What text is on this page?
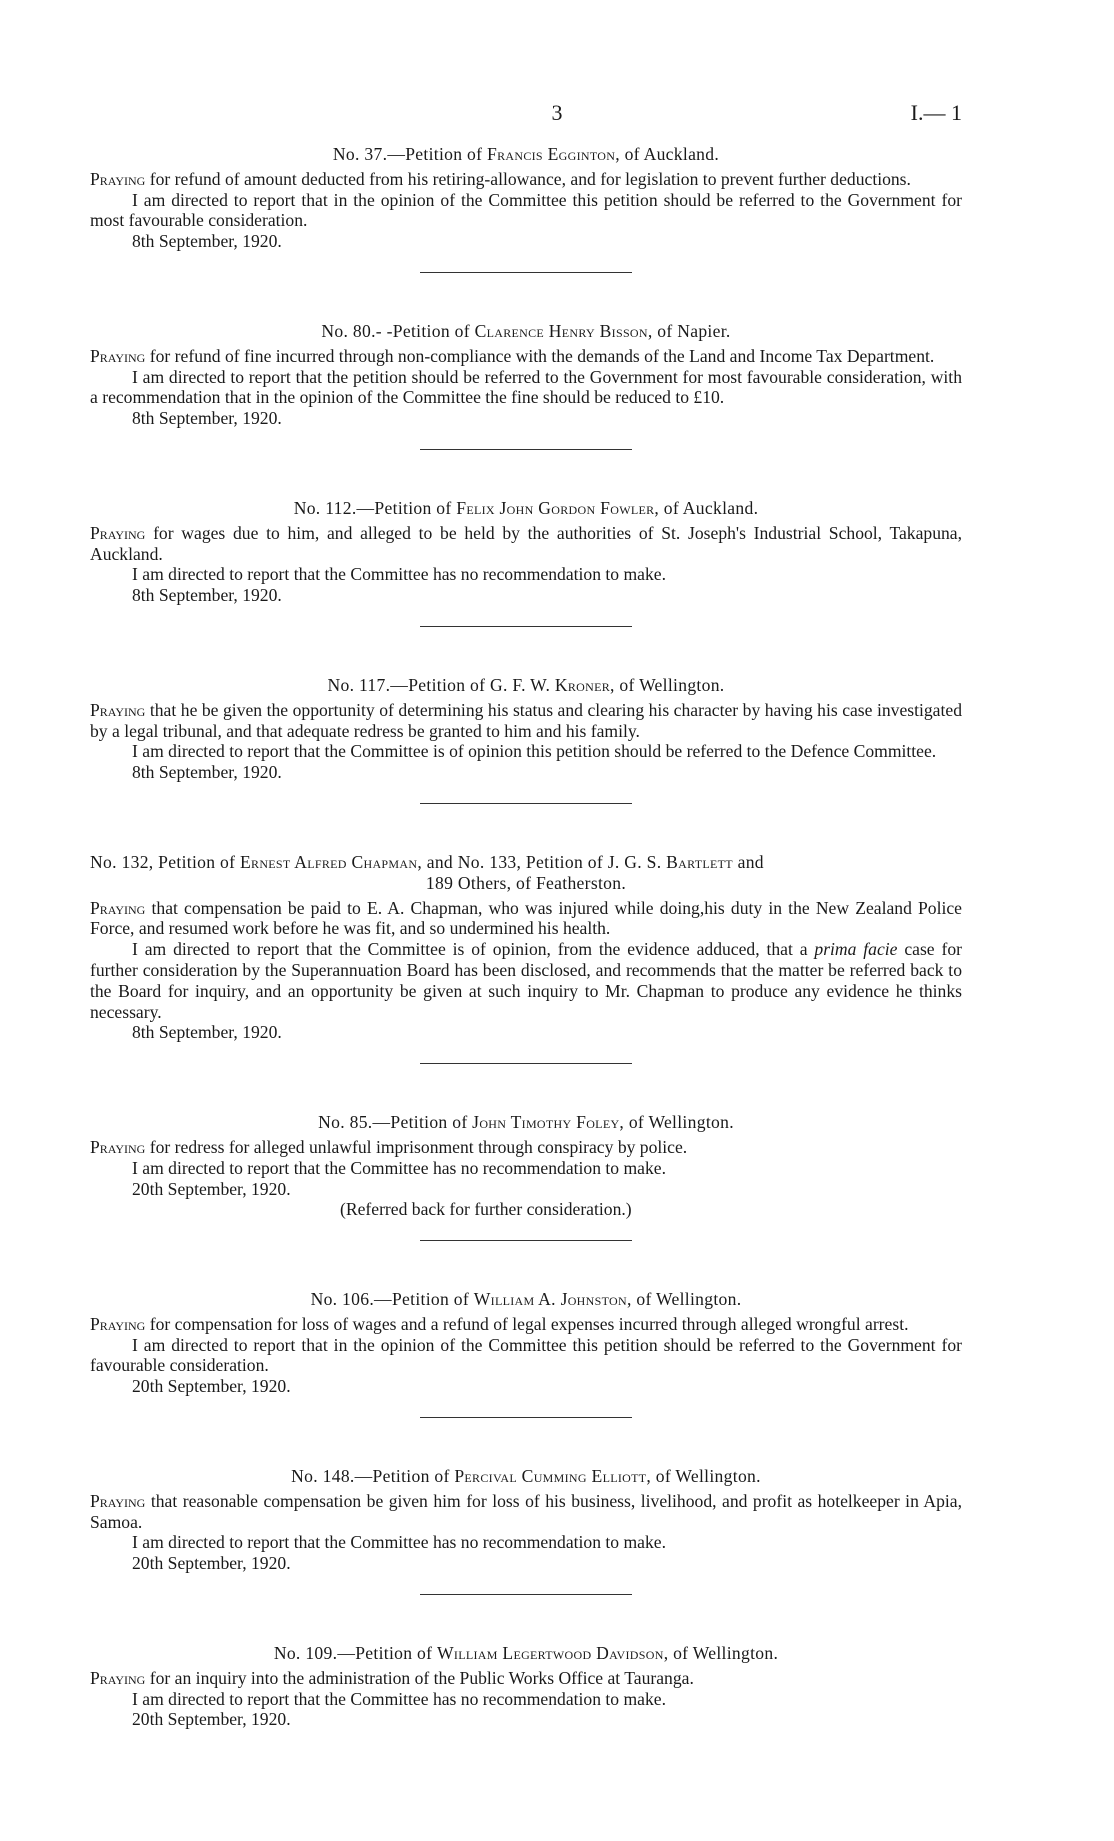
3	I.— 1

No. 37.—Petition of Francis Egginton, of Auckland.

Praying for refund of amount deducted from his retiring-allowance, and for legislation to prevent further deductions.

I am directed to report that in the opinion of the Committee this petition should be referred to the Government for most favourable consideration.

8th September, 1920.

No. 80.- -Petition of Clarence Henry Bisson, of Napier.

Praying for refund of fine incurred through non-compliance with the demands of the Land and Income Tax Department.

I am directed to report that the petition should be referred to the Government for most favourable consideration, with a recommendation that in the opinion of the Committee the fine should be reduced to £10.

8th September, 1920.

No. 112.—Petition of Felix John Gordon Fowler, of Auckland.

Praying for wages due to him, and alleged to be held by the authorities of St. Joseph's Industrial School, Takapuna, Auckland.

I am directed to report that the Committee has no recommendation to make.

8th September, 1920.

No. 117.—Petition of G. F. W. Kroner, of Wellington.

Praying that he be given the opportunity of determining his status and clearing his character by having his case investigated by a legal tribunal, and that adequate redress be granted to him and his family.

I am directed to report that the Committee is of opinion this petition should be referred to the Defence Committee.

8th September, 1920.

No. 132, Petition of Ernest Alfred Chapman, and No. 133, Petition of J. G. S. Bartlett and

189 Others, of Featherston.

Praying that compensation be paid to E. A. Chapman, who was injured while doing,his duty in the New Zealand Police Force, and resumed work before he was fit, and so undermined his health.

I am directed to report that the Committee is of opinion, from the evidence adduced, that a prima facie case for further consideration by the Superannuation Board has been disclosed, and recommends that the matter be referred back to the Board for inquiry, and an opportunity be given at such inquiry to Mr. Chapman to produce any evidence he thinks necessary.

8th September, 1920.

No. 85.—Petition of John Timothy Foley, of Wellington.

Praying for redress for alleged unlawful imprisonment through conspiracy by police.

I am directed to report that the Committee has no recommendation to make.

20th September, 1920.

(Referred back for further consideration.)

No. 106.—Petition of William A. Johnston, of Wellington.

Praying for compensation for loss of wages and a refund of legal expenses incurred through alleged wrongful arrest.

I am directed to report that in the opinion of the Committee this petition should be referred to the Government for favourable consideration.

20th September, 1920.

No. 148.—Petition of Percival Cumming Elliott, of Wellington.

Praying that reasonable compensation be given him for loss of his business, livelihood, and profit as hotelkeeper in Apia, Samoa.

I am directed to report that the Committee has no recommendation to make.

20th September, 1920.

No. 109.—Petition of William Legertwood Davidson, of Wellington.

Praying for an inquiry into the administration of the Public Works Office at Tauranga.

I am directed to report that the Committee has no recommendation to make.

20th September, 1920.
